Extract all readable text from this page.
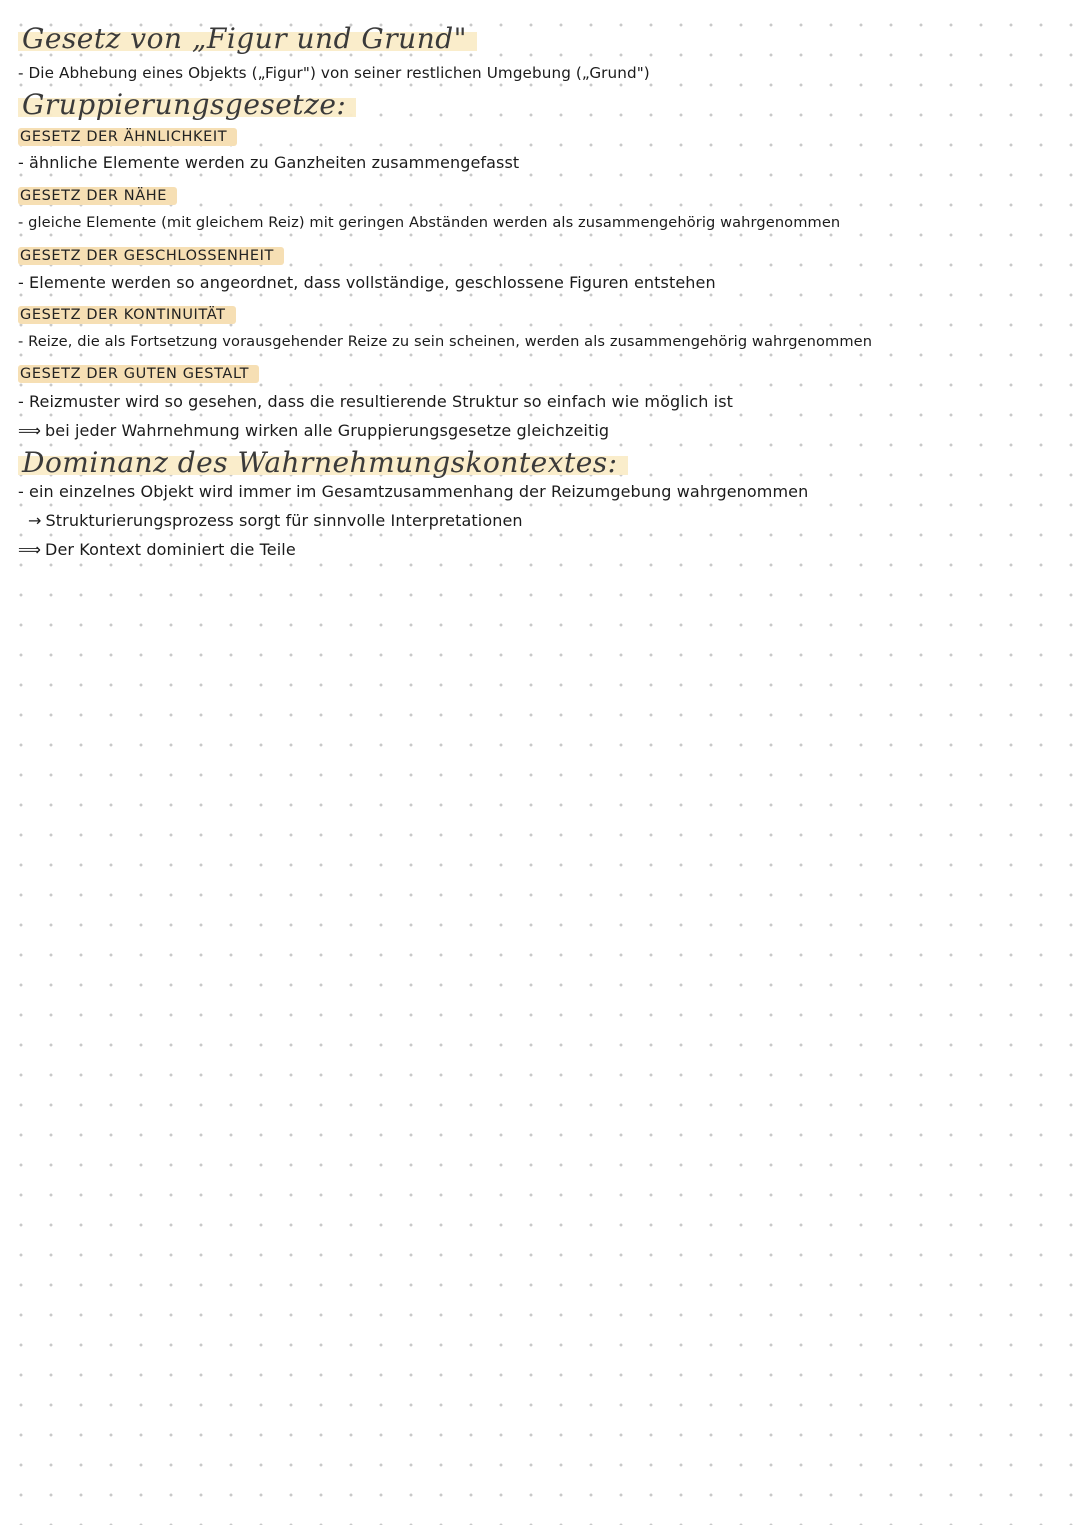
Gesetz von „Figur und Grund"
- Die Abhebung eines Objekts („Figur") von seiner restlichen Umgebung („Grund")
Gruppierungsgesetze:
GESETZ DER ÄHNLICHKEIT
- ähnliche Elemente werden zu Ganzheiten zusammengefasst
GESETZ DER NÄHE
- gleiche Elemente (mit gleichem Reiz) mit geringen Abständen werden als zusammengehörig wahrgenommen
GESETZ DER GESCHLOSSENHEIT
- Elemente werden so angeordnet, dass vollständige, geschlossene Figuren entstehen
GESETZ DER KONTINUITÄT
- Reize, die als Fortsetzung vorausgehender Reize zu sein scheinen, werden als zusammengehörig wahrgenommen
GESETZ DER GUTEN GESTALT
- Reizmuster wird so gesehen, dass die resultierende Struktur so einfach wie möglich ist
⟹ bei jeder Wahrnehmung wirken alle Gruppierungsgesetze gleichzeitig
Dominanz des Wahrnehmungskontextes:
- ein einzelnes Objekt wird immer im Gesamtzusammenhang der Reizumgebung wahrgenommen
→ Strukturierungsprozess sorgt für sinnvolle Interpretationen
⟹ Der Kontext dominiert die Teile
